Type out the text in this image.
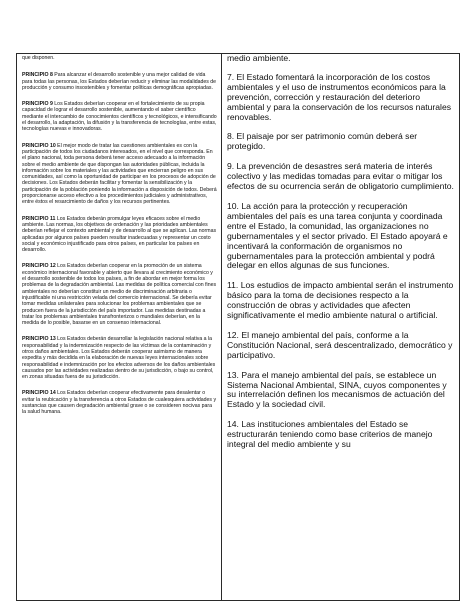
que disponen.

PRINCIPIO 8 Para alcanzar el desarrollo sostenible y una mejor calidad de vida para todas las personas, los Estados deberían reducir y eliminar las modalidades de producción y consumo insostenibles y fomentar políticas demográficas apropiadas.

PRINCIPIO 9 Los Estados deberían cooperar en el fortalecimiento de su propia capacidad de lograr el desarrollo sostenible, aumentando el saber científico mediante el intercambio de conocimientos científicos y tecnológicos, e intensificando el desarrollo, la adaptación, la difusión y la transferencia de tecnologías, entre estas, tecnologías nuevas e innovadoras.

PRINCIPIO 10 El mejor modo de tratar las cuestiones ambientales es con la participación de todos los ciudadanos interesados, en el nivel que corresponda. En el plano nacional, toda persona deberá tener acceso adecuado a la información sobre el medio ambiente de que dispongan las autoridades públicas, incluida la información sobre los materiales y las actividades que encierran peligro en sus comunidades, así como la oportunidad de participar en los procesos de adopción de decisiones. Los Estados deberán facilitar y fomentar la sensibilización y la participación de la población poniendo la información a disposición de todos. Deberá proporcionarse acceso efectivo a los procedimientos judiciales y administrativos, entre éstos el resarcimiento de daños y los recursos pertinentes.

PRINCIPIO 11 Los Estados deberán promulgar leyes eficaces sobre el medio ambiente. Las normas, los objetivos de ordenación y las prioridades ambientales deberían reflejar el contexto ambiental y de desarrollo al que se aplican. Las normas aplicadas por algunos países pueden resultar inadecuadas y representar un costo social y económico injustificado para otros países, en particular los países en desarrollo.

PRINCIPIO 12 Los Estados deberían cooperar en la promoción de un sistema económico internacional favorable y abierto que llevara al crecimiento económico y el desarrollo sostenible de todos los países, a fin de abordar en mejor forma los problemas de la degradación ambiental. Las medidas de política comercial con fines ambientales no deberían constituir un medio de discriminación arbitraria o injustificable ni una restricción velada del comercio internacional. Se debería evitar tomar medidas unilaterales para solucionar los problemas ambientales que se producen fuera de la jurisdicción del país importador. Las medidas destinadas a tratar los problemas ambientales transfronterizos o mundiales deberían, en la medida de lo posible, basarse en un consenso internacional.

PRINCIPIO 13 Los Estados deberán desarrollar la legislación nacional relativa a la responsabilidad y la indemnización respecto de las víctimas de la contaminación y otros daños ambientales. Los Estados deberán cooperar asimismo de manera expedita y más decidida en la elaboración de nuevas leyes internacionales sobre responsabilidad e indemnización por los efectos adversos de los daños ambientales causados por las actividades realizadas dentro de su jurisdicción, o bajo su control, en zonas situadas fuera de su jurisdicción.

PRINCIPIO 14 Los Estados deberían cooperar efectivamente para desalentar o evitar la reubicación y la transferencia a otros Estados de cualesquiera actividades y sustancias que causen degradación ambiental grave o se consideren nocivas para la salud humana.

medio ambiente.

7. El Estado fomentará la incorporación de los costos ambientales y el uso de instrumentos económicos para la prevención, corrección y restauración del deterioro ambiental y para la conservación de los recursos naturales renovables.

8. El paisaje por ser patrimonio común deberá ser protegido.

9. La prevención de desastres será materia de interés colectivo y las medidas tomadas para evitar o mitigar los efectos de su ocurrencia serán de obligatorio cumplimiento.

10. La acción para la protección y recuperación ambientales del país es una tarea conjunta y coordinada entre el Estado, la comunidad, las organizaciones no gubernamentales y el sector privado. El Estado apoyará e incentivará la conformación de organismos no gubernamentales para la protección ambiental y podrá delegar en ellos algunas de sus funciones.

11. Los estudios de impacto ambiental serán el instrumento básico para la toma de decisiones respecto a la construcción de obras y actividades que afecten significativamente el medio ambiente natural o artificial.

12. El manejo ambiental del país, conforme a la Constitución Nacional, será descentralizado, democrático y participativo.

13. Para el manejo ambiental del país, se establece un Sistema Nacional Ambiental, SINA, cuyos componentes y su interrelación definen los mecanismos de actuación del Estado y la sociedad civil.

14. Las instituciones ambientales del Estado se estructurarán teniendo como base criterios de manejo integral del medio ambiente y su
